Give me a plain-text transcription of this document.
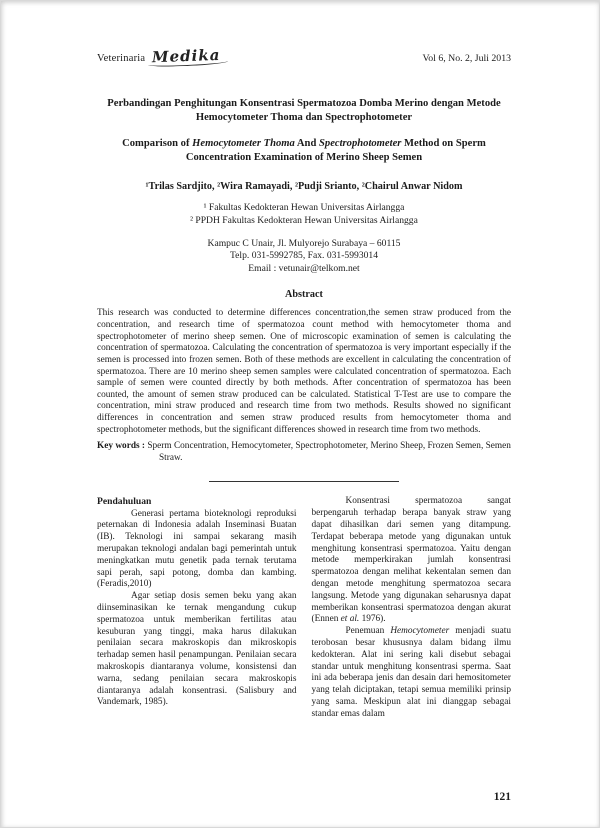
Veterinaria Medika	Vol 6, No. 2, Juli 2013
Perbandingan Penghitungan Konsentrasi Spermatozoa Domba Merino dengan Metode Hemocytometer Thoma dan Spectrophotometer
Comparison of Hemocytometer Thoma And Spectrophotometer Method on Sperm Concentration Examination of Merino Sheep Semen

¹Trilas Sardjito, ²Wira Ramayadi, ²Pudji Srianto, ²Chairul Anwar Nidom

¹ Fakultas Kedokteran Hewan Universitas Airlangga

² PPDH Fakultas Kedokteran Hewan Universitas Airlangga

Kampuc C Unair, Jl. Mulyorejo Surabaya – 60115

Telp. 031-5992785, Fax. 031-5993014

Email : vetunair@telkom.net

Abstract

This research was conducted to determine differences concentration,the semen straw produced from the concentration, and research time of spermatozoa count method with hemocytometer thoma and spectrophotometer of merino sheep semen. One of microscopic examination of semen is calculating the concentration of spermatozoa. Calculating the concentration of spermatozoa is very important especially if the semen is processed into frozen semen. Both of these methods are excellent in calculating the concentration of spermatozoa. There are 10 merino sheep semen samples were calculated concentration of spermatozoa. Each sample of semen were counted directly by both methods. After concentration of spermatozoa has been counted, the amount of semen straw produced can be calculated. Statistical T-Test are use to compare the concentration, mini straw produced and research time from two methods. Results showed no significant differences in concentration and semen straw produced results from hemocytometer thoma and spectrophotometer methods, but the significant differences showed in research time from two methods.

Key words : Sperm Concentration, Hemocytometer, Spectrophotometer, Merino Sheep, Frozen Semen, Semen Straw.

Pendahuluan

Generasi pertama bioteknologi reproduksi peternakan di Indonesia adalah Inseminasi Buatan (IB). Teknologi ini sampai sekarang masih merupakan teknologi andalan bagi pemerintah untuk meningkatkan mutu genetik pada ternak terutama sapi perah, sapi potong, domba dan kambing. (Feradis,2010)

Agar setiap dosis semen beku yang akan diinseminasikan ke ternak mengandung cukup spermatozoa untuk memberikan fertilitas atau kesuburan yang tinggi, maka harus dilakukan penilaian secara makroskopis dan mikroskopis terhadap semen hasil penampungan. Penilaian secara makroskopis diantaranya volume, konsistensi dan warna, sedang penilaian secara makroskopis diantaranya adalah konsentrasi. (Salisbury and Vandemark, 1985).

Konsentrasi spermatozoa sangat berpengaruh terhadap berapa banyak straw yang dapat dihasilkan dari semen yang ditampung. Terdapat beberapa metode yang digunakan untuk menghitung konsentrasi spermatozoa. Yaitu dengan metode memperkirakan jumlah konsentrasi spermatozoa dengan melihat kekentalan semen dan dengan metode menghitung spermatozoa secara langsung. Metode yang digunakan seharusnya dapat memberikan konsentrasi spermatozoa dengan akurat (Ennen et al. 1976).

Penemuan Hemocytometer menjadi suatu terobosan besar khususnya dalam bidang ilmu kedokteran. Alat ini sering kali disebut sebagai standar untuk menghitung konsentrasi sperma. Saat ini ada beberapa jenis dan desain dari hemositometer yang telah diciptakan, tetapi semua memiliki prinsip yang sama. Meskipun alat ini dianggap sebagai standar emas dalam

121
